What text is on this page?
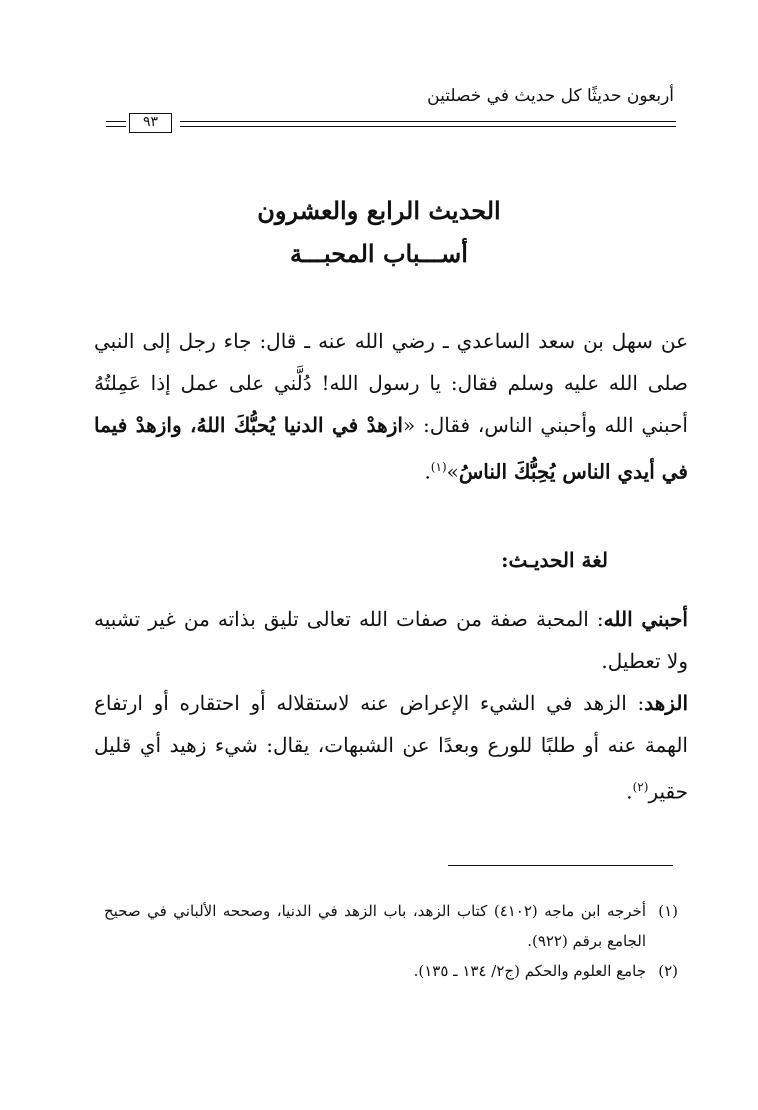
أربعون حديثًا كل حديث في خصلتين
٩٣
الحديث الرابع والعشرون
أســـباب المحبـــة
عن سهل بن سعد الساعدي ـ رضي الله عنه ـ قال: جاء رجل إلى النبي صلى الله عليه وسلم فقال: يا رسول الله! دُلَّني على عمل إذا عَمِلتُهُ أحبني الله وأحبني الناس، فقال: «ازهدْ في الدنيا يُحبُّكَ اللهُ، وازهدْ فيما في أيدي الناس يُحِبُّكَ الناسُ»$^{(١)}$.
لغة الحديـث:

أحبني الله: المحبة صفة من صفات الله تعالى تليق بذاته من غير تشبيه ولا تعطيل.

الزهد: الزهد في الشيء الإعراض عنه لاستقلاله أو احتقاره أو ارتفاع الهمة عنه أو طلبًا للورع وبعدًا عن الشبهات، يقال: شيء زهيد أي قليل حقير$^{(٢)}$.

(١)
أخرجه ابن ماجه (٤١٠٢) كتاب الزهد، باب الزهد في الدنيا، وصححه الألباني في صحيح الجامع برقم (٩٢٢).
(٢)
جامع العلوم والحكم (ج٢/ ١٣٤ ـ ١٣٥).
